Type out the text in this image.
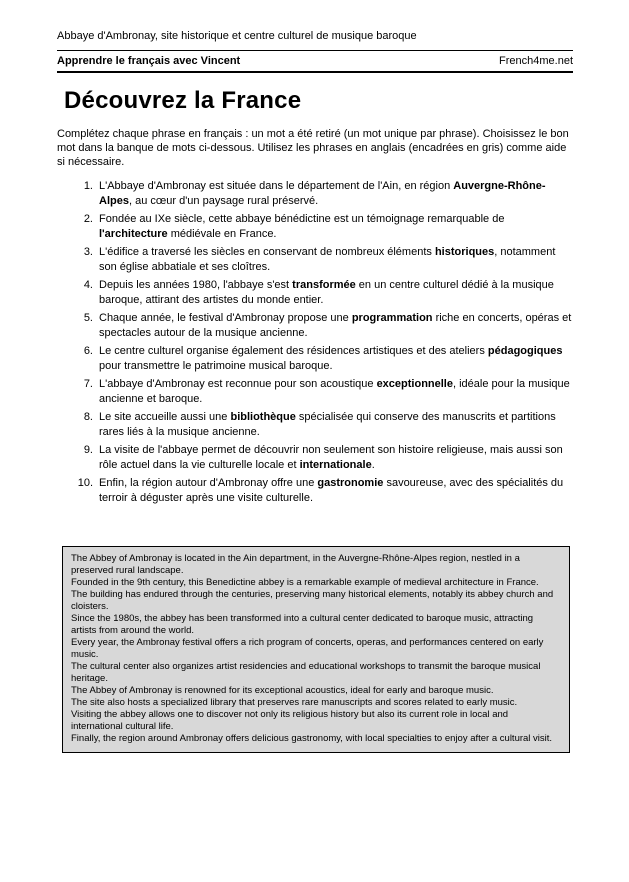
Abbaye d'Ambronay, site historique et centre culturel de musique baroque
Apprendre le français avec Vincent	French4me.net
Découvrez la France

Complétez chaque phrase en français : un mot a été retiré (un mot unique par phrase). Choisissez le bon mot dans la banque de mots ci-dessous. Utilisez les phrases en anglais (encadrées en gris) comme aide si nécessaire.

1. L'Abbaye d'Ambronay est située dans le département de l'Ain, en région Auvergne-Rhône-Alpes, au cœur d'un paysage rural préservé.
2. Fondée au IXe siècle, cette abbaye bénédictine est un témoignage remarquable de l'architecture médiévale en France.
3. L'édifice a traversé les siècles en conservant de nombreux éléments historiques, notamment son église abbatiale et ses cloîtres.
4. Depuis les années 1980, l'abbaye s'est transformée en un centre culturel dédié à la musique baroque, attirant des artistes du monde entier.
5. Chaque année, le festival d'Ambronay propose une programmation riche en concerts, opéras et spectacles autour de la musique ancienne.
6. Le centre culturel organise également des résidences artistiques et des ateliers pédagogiques pour transmettre le patrimoine musical baroque.
7. L'abbaye d'Ambronay est reconnue pour son acoustique exceptionnelle, idéale pour la musique ancienne et baroque.
8. Le site accueille aussi une bibliothèque spécialisée qui conserve des manuscrits et partitions rares liés à la musique ancienne.
9. La visite de l'abbaye permet de découvrir non seulement son histoire religieuse, mais aussi son rôle actuel dans la vie culturelle locale et internationale.
10. Enfin, la région autour d'Ambronay offre une gastronomie savoureuse, avec des spécialités du terroir à déguster après une visite culturelle.
The Abbey of Ambronay is located in the Ain department, in the Auvergne-Rhône-Alpes region, nestled in a preserved rural landscape.
Founded in the 9th century, this Benedictine abbey is a remarkable example of medieval architecture in France.
The building has endured through the centuries, preserving many historical elements, notably its abbey church and cloisters.
Since the 1980s, the abbey has been transformed into a cultural center dedicated to baroque music, attracting artists from around the world.
Every year, the Ambronay festival offers a rich program of concerts, operas, and performances centered on early music.
The cultural center also organizes artist residencies and educational workshops to transmit the baroque musical heritage.
The Abbey of Ambronay is renowned for its exceptional acoustics, ideal for early and baroque music.
The site also hosts a specialized library that preserves rare manuscripts and scores related to early music.
Visiting the abbey allows one to discover not only its religious history but also its current role in local and international cultural life.
Finally, the region around Ambronay offers delicious gastronomy, with local specialties to enjoy after a cultural visit.
